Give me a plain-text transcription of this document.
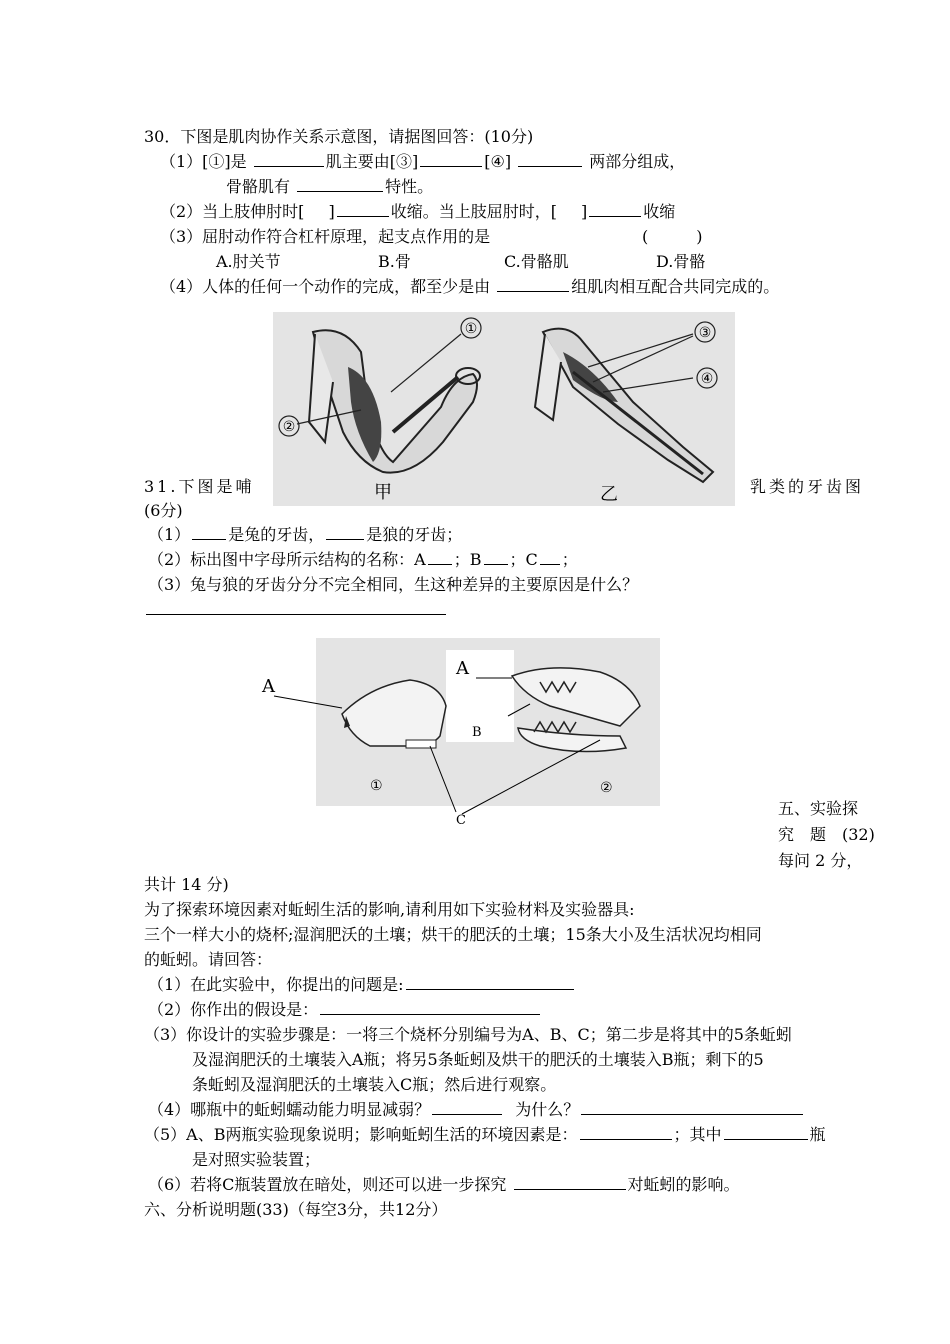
30．下图是肌肉协作关系示意图，请据图回答：(10分)
（1）[①]是	肌主要由[③]	[④]	两部分组成，
骨骼肌有	特性。
（2）当上肢伸肘时[ ]	收缩。当上肢屈肘时，[ ]	收缩
（3）屈肘动作符合杠杆原理，起支点作用的是	(　　　)
A.肘关节	B.骨	C.骨骼肌	D.骨骼
（4）人体的任何一个动作的完成，都至少是由	组肌肉相互配合共同完成的。
①
②
甲
③
④
乙
31.下图是哺	乳类的牙齿图
(6分)
（1） 是兔的牙齿，	是狼的牙齿；
（2）标出图中字母所示结构的名称：A ；B ；C ；
（3）兔与狼的牙齿分分不完全相同，生这种差异的主要原因是什么？
A
A
B
C
①	②
五、实验探
究　题　(32)
每问 2 分，
共计 14 分)
为了探索环境因素对蚯蚓生活的影响,请利用如下实验材料及实验器具:
三个一样大小的烧杯;湿润肥沃的土壤；烘干的肥沃的土壤；15条大小及生活状况均相同
的蚯蚓。请回答：
（1）在此实验中，你提出的问题是:
（2）你作出的假设是：
（3）你设计的实验步骤是：一将三个烧杯分别编号为A、B、C；第二步是将其中的5条蚯蚓
及湿润肥沃的土壤装入A瓶；将另5条蚯蚓及烘干的肥沃的土壤装入B瓶；剩下的5
条蚯蚓及湿润肥沃的土壤装入C瓶；然后进行观察。
（4）哪瓶中的蚯蚓蠕动能力明显减弱？	为什么？
（5）A、B两瓶实验现象说明；影响蚯蚓生活的环境因素是：	；其中	瓶
是对照实验装置；
（6）若将C瓶装置放在暗处，则还可以进一步探究	对蚯蚓的影响。
六、分析说明题(33)（每空3分，共12分）
